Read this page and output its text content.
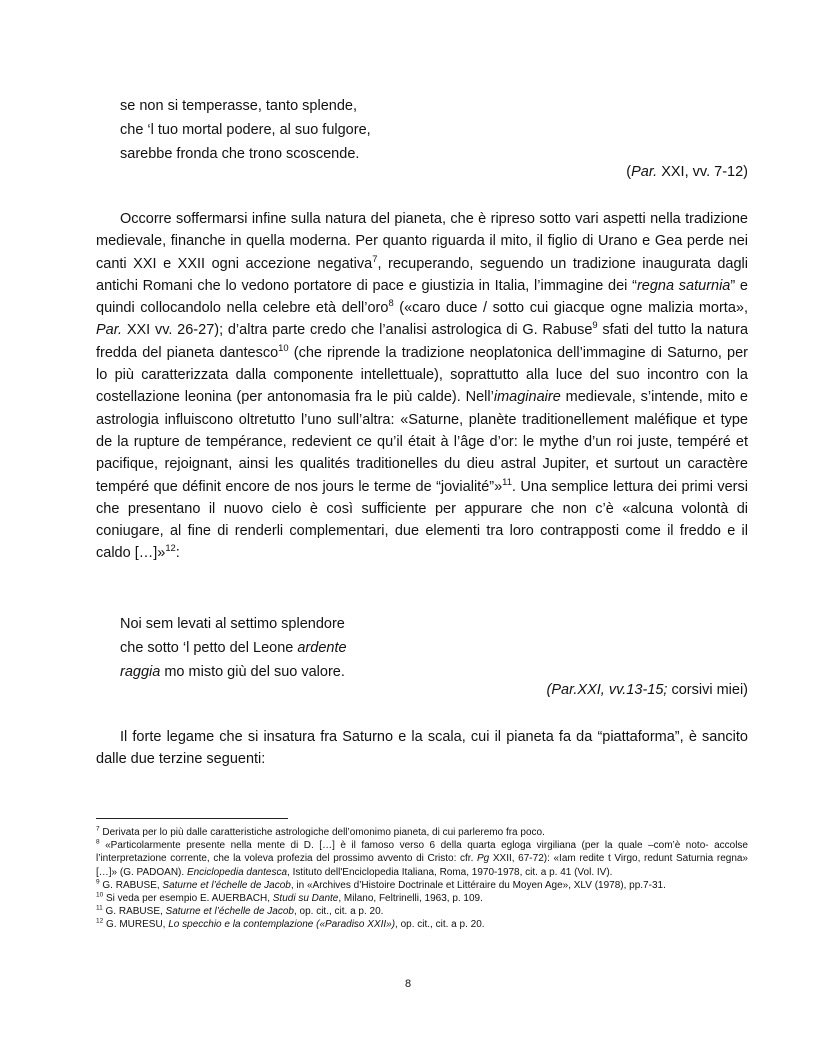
se non si temperasse, tanto splende,
che ‘l tuo mortal podere, al suo fulgore,
sarebbe fronda che trono scoscende.
(Par. XXI, vv. 7-12)

Occorre soffermarsi infine sulla natura del pianeta, che è ripreso sotto vari aspetti nella tradizione medievale, finanche in quella moderna. Per quanto riguarda il mito, il figlio di Urano e Gea perde nei canti XXI e XXII ogni accezione negativa$^7$, recuperando, seguendo un tradizione inaugurata dagli antichi Romani che lo vedono portatore di pace e giustizia in Italia, l’immagine dei “regna saturnia” e quindi collocandolo nella celebre età dell’oro$^8$ («caro duce / sotto cui giacque ogne malizia morta», Par. XXI vv. 26-27); d’altra parte credo che l’analisi astrologica di G. Rabuse$^9$ sfati del tutto la natura fredda del pianeta dantesco$^{10}$ (che riprende la tradizione neoplatonica dell’immagine di Saturno, per lo più caratterizzata dalla componente intellettuale), soprattutto alla luce del suo incontro con la costellazione leonina (per antonomasia fra le più calde). Nell’imaginaire medievale, s’intende, mito e astrologia influiscono oltretutto l’uno sull’altra: «Saturne, planète traditionellement maléfique et type de la rupture de tempérance, redevient ce qu’il était à l’âge d’or: le mythe d’un roi juste, tempéré et pacifique, rejoignant, ainsi les qualités traditionelles du dieu astral Jupiter, et surtout un caractère tempéré que définit encore de nos jours le terme de “jovialité”»$^{11}$. Una semplice lettura dei primi versi che presentano il nuovo cielo è così sufficiente per appurare che non c’è «alcuna volontà di coniugare, al fine di renderli complementari, due elementi tra loro contrapposti come il freddo e il caldo […]»$^{12}$:

Noi sem levati al settimo splendore
che sotto ‘l petto del Leone ardente
raggia mo misto giù del suo valore.
(Par.XXI, vv.13-15; corsivi miei)

Il forte legame che si insatura fra Saturno e la scala, cui il pianeta fa da “piattaforma”, è sancito dalle due terzine seguenti:

$^7$ Derivata per lo più dalle caratteristiche astrologiche dell’omonimo pianeta, di cui parleremo fra poco.

$^8$ «Particolarmente presente nella mente di D. […] è il famoso verso 6 della quarta egloga virgiliana (per la quale –com’è noto- accolse l’interpretazione corrente, che la voleva profezia del prossimo avvento di Cristo: cfr. Pg XXII, 67-72): «Iam redite t Virgo, redunt Saturnia regna» […]» (G. PADOAN). Enciclopedia dantesca, Istituto dell'Enciclopedia Italiana, Roma, 1970-1978, cit. a p. 41 (Vol. IV).

$^9$ G. RABUSE, Saturne et l’échelle de Jacob, in «Archives d’Histoire Doctrinale et Littéraire du Moyen Age», XLV (1978), pp.7-31.

$^{10}$ Si veda per esempio E. AUERBACH, Studi su Dante, Milano, Feltrinelli, 1963, p. 109.

$^{11}$ G. RABUSE, Saturne et l’échelle de Jacob, op. cit., cit. a p. 20.

$^{12}$ G. MURESU, Lo specchio e la contemplazione («Paradiso XXII»), op. cit., cit. a p. 20.

8
